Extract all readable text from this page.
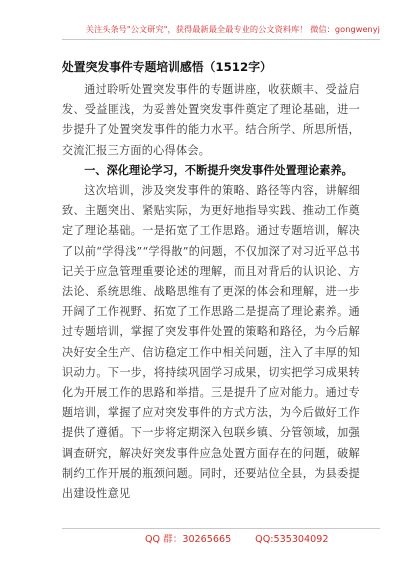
关注头条号"公文研究"，获得最新最全最专业的公文资料库！ 微信：gongwenyj
处置突发事件专题培训感悟（1512字）

通过聆听处置突发事件的专题讲座，收获颇丰、受益启发、受益匪浅，为妥善处置突发事件奠定了理论基础，进一步提升了处置突发事件的能力水平。结合所学、所思所悟，交流汇报三方面的心得体会。

一、深化理论学习，不断提升突发事件处置理论素养。

这次培训，涉及突发事件的策略、路径等内容，讲解细致、主题突出、紧贴实际，为更好地指导实践、推动工作奠定了理论基础。一是拓宽了工作思路。通过专题培训，解决了以前“学得浅”“学得散”的问题，不仅加深了对习近平总书记关于应急管理重要论述的理解，而且对背后的认识论、方法论、系统思维、战略思维有了更深的体会和理解，进一步开阔了工作视野、拓宽了工作思路二是提高了理论素养。通过专题培训，掌握了突发事件处置的策略和路径，为今后解决好安全生产、信访稳定工作中相关问题，注入了丰厚的知识动力。下一步，将持续巩固学习成果，切实把学习成果转化为开展工作的思路和举措。三是提升了应对能力。通过专题培训，掌握了应对突发事件的方式方法，为今后做好工作提供了遵循。下一步将定期深入包联乡镇、分管领域，加强调查研究，解决好突发事件应急处置方面存在的问题，破解制约工作开展的瓶颈问题。同时，还要站位全县，为县委提出建设性意见

QQ 群：30265665	QQ:535304092
